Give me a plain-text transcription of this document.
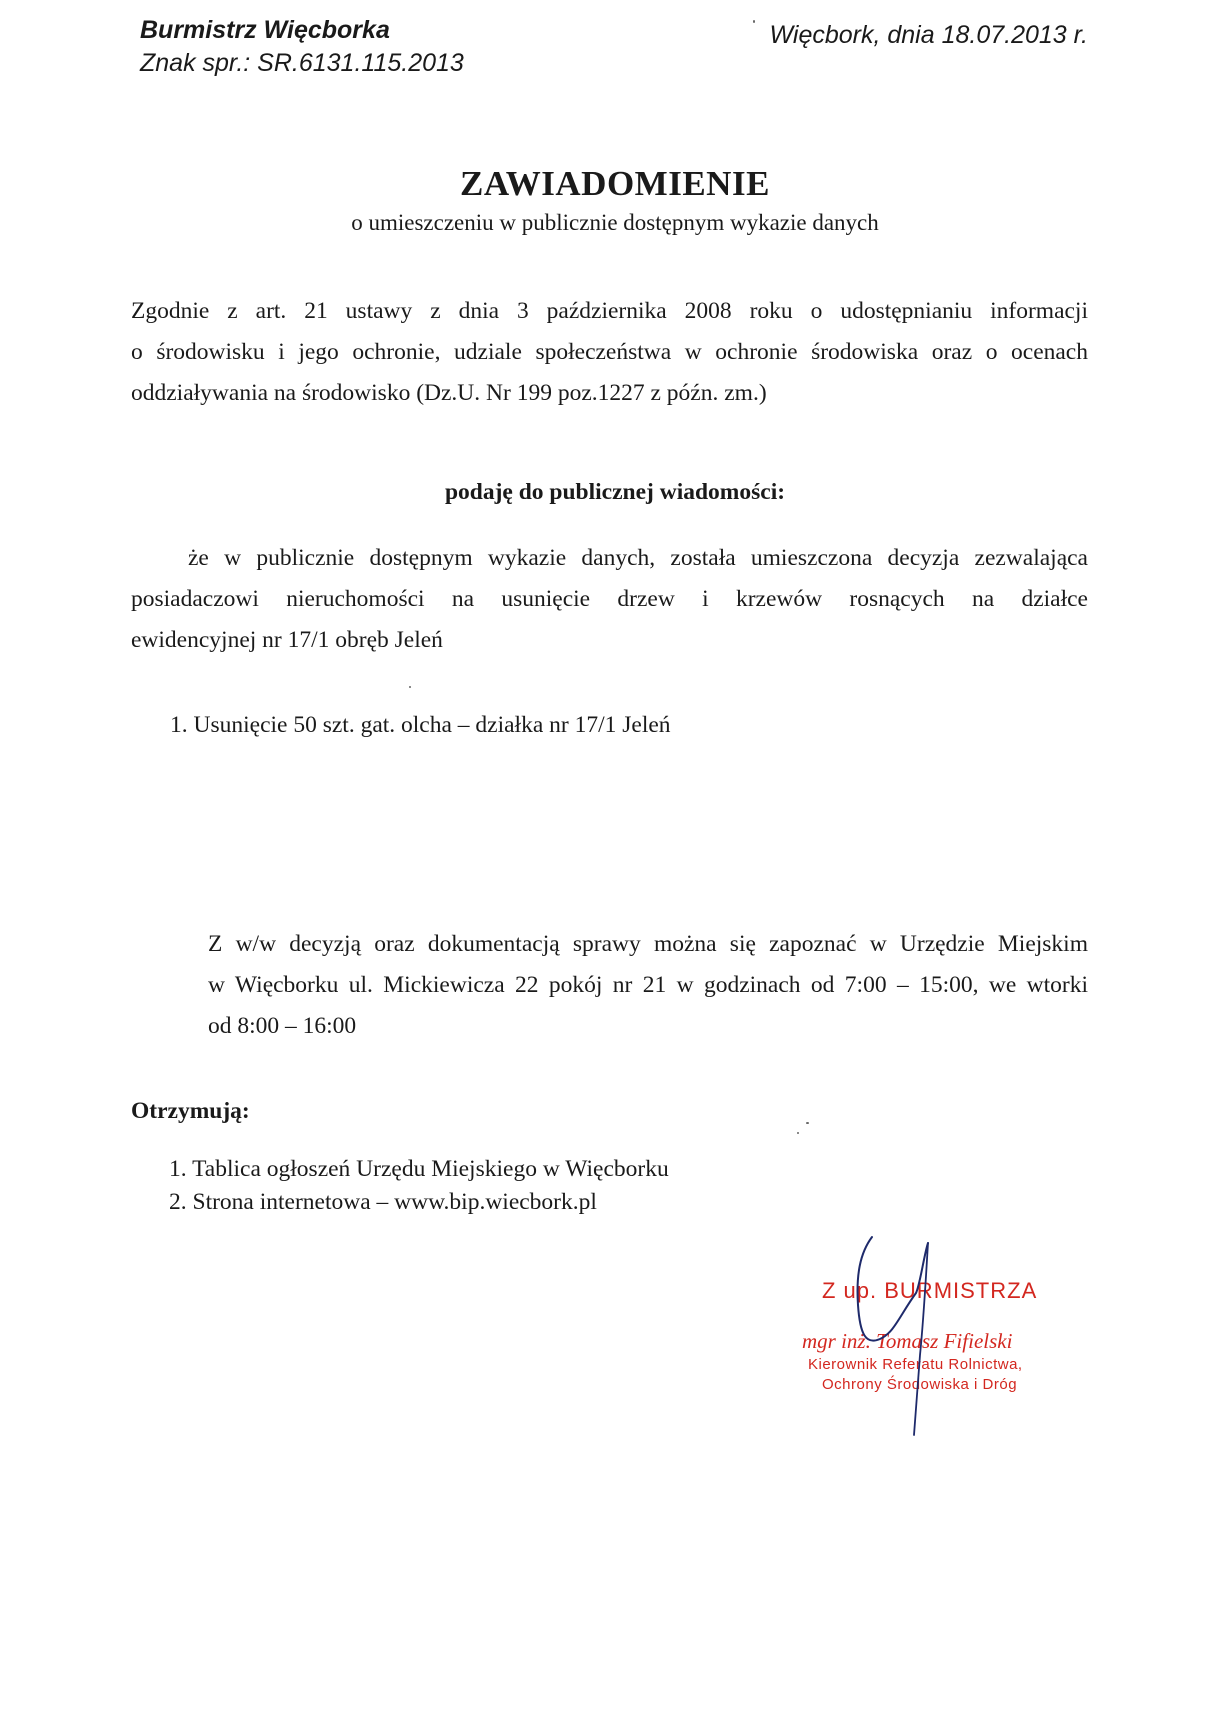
Burmistrz Więcborka
Znak spr.: SR.6131.115.2013
Więcbork, dnia 18.07.2013 r.
ZAWIADOMIENIE
o umieszczeniu w publicznie dostępnym wykazie danych
Zgodnie z art. 21 ustawy z dnia 3 października 2008 roku o udostępnianiu informacji
o środowisku i jego ochronie, udziale społeczeństwa w ochronie środowiska oraz o ocenach
oddziaływania na środowisko (Dz.U. Nr 199 poz.1227 z późn. zm.)
podaję do publicznej wiadomości:
że w publicznie dostępnym wykazie danych, została umieszczona decyzja zezwalająca
posiadaczowi nieruchomości na usunięcie drzew i krzewów rosnących na działce
ewidencyjnej nr 17/1 obręb Jeleń
1. Usunięcie 50 szt. gat. olcha – działka nr 17/1 Jeleń
Z w/w decyzją oraz dokumentacją sprawy można się zapoznać w Urzędzie Miejskim
w Więcborku ul. Mickiewicza 22 pokój nr 21 w godzinach od 7:00 – 15:00, we wtorki
od 8:00 – 16:00
Otrzymują:
1. Tablica ogłoszeń Urzędu Miejskiego w Więcborku
2. Strona internetowa – www.bip.wiecbork.pl
Z up. BURMISTRZA
mgr inż. Tomasz Fifielski
Kierownik Referatu Rolnictwa,
Ochrony Środowiska i Dróg
